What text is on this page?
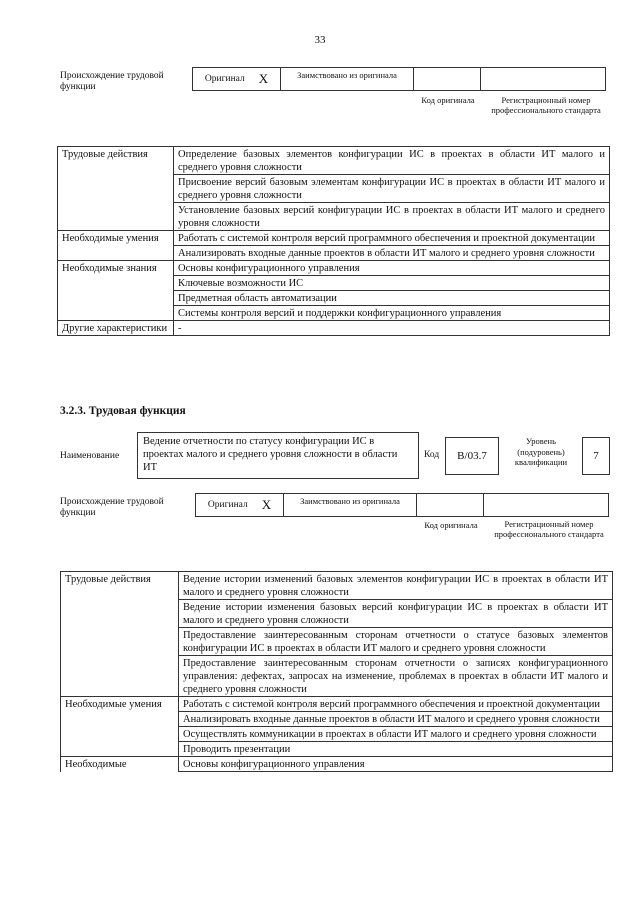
33
Происхождение трудовой функции
Оригинал X	Заимствовано из оригинала
Код оригинала	Регистрационный номер профессионального стандарта
Трудовые действия	Определение базовых элементов конфигурации ИС в проектах в области ИТ малого и среднего уровня сложности
	Присвоение версий базовым элементам конфигурации ИС в проектах в области ИТ малого и среднего уровня сложности
	Установление базовых версий конфигурации ИС в проектах в области ИТ малого и среднего уровня сложности
Необходимые умения	Работать с системой контроля версий программного обеспечения и проектной документации
	Анализировать входные данные проектов в области ИТ малого и среднего уровня сложности
Необходимые знания	Основы конфигурационного управления
	Ключевые возможности ИС
	Предметная область автоматизации
	Системы контроля версий и поддержки конфигурационного управления
Другие характеристики	-
3.2.3. Трудовая функция
Наименование
Ведение отчетности по статусу конфигурации ИС в проектах малого и среднего уровня сложности в области ИТ
Код	B/03.7
Уровень (подуровень) квалификации	7
Происхождение трудовой функции
Оригинал X	Заимствовано из оригинала
Код оригинала	Регистрационный номер профессионального стандарта
Трудовые действия	Ведение истории изменений базовых элементов конфигурации ИС в проектах в области ИТ малого и среднего уровня сложности
	Ведение истории изменения базовых версий конфигурации ИС в проектах в области ИТ малого и среднего уровня сложности
	Предоставление заинтересованным сторонам отчетности о статусе базовых элементов конфигурации ИС в проектах в области ИТ малого и среднего уровня сложности
	Предоставление заинтересованным сторонам отчетности о записях конфигурационного управления: дефектах, запросах на изменение, проблемах в проектах в области ИТ малого и среднего уровня сложности
Необходимые умения	Работать с системой контроля версий программного обеспечения и проектной документации
	Анализировать входные данные проектов в области ИТ малого и среднего уровня сложности
	Осуществлять коммуникации в проектах в области ИТ малого и среднего уровня сложности
	Проводить презентации
Необходимые	Основы конфигурационного управления
